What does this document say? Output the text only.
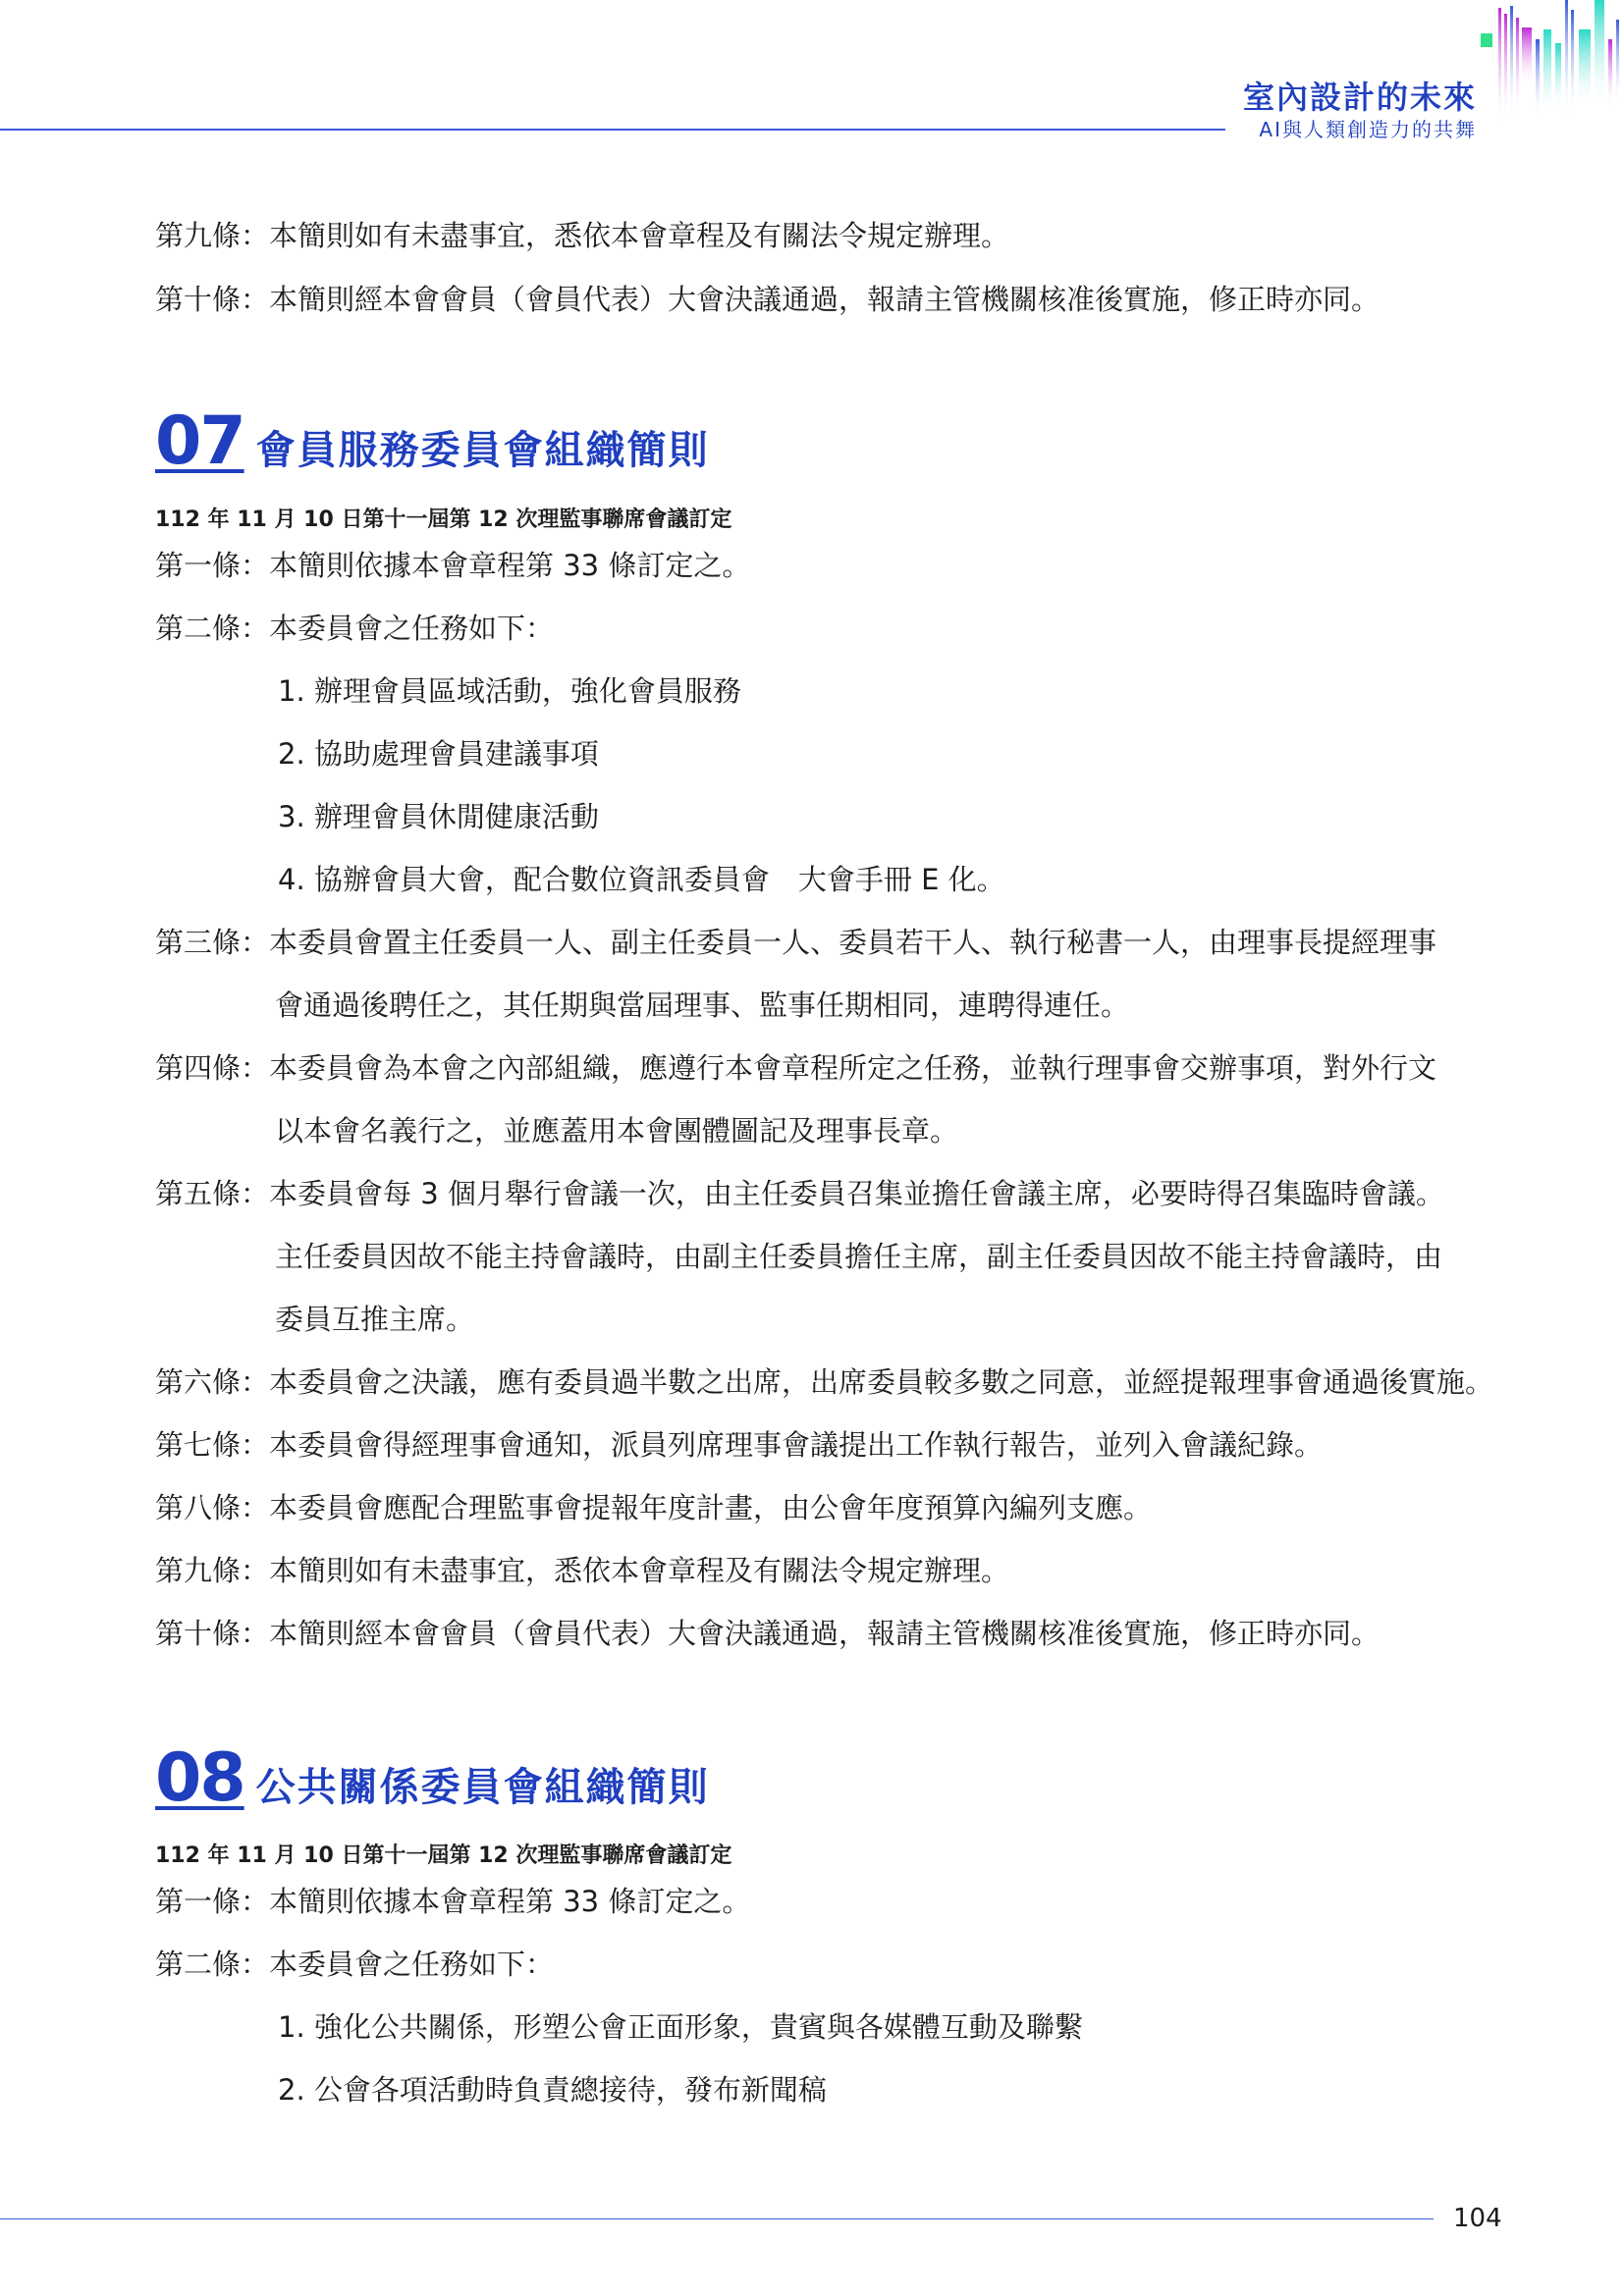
室內設計的未來
AI與人類創造力的共舞
第九條：本簡則如有未盡事宜，悉依本會章程及有關法令規定辦理。
第十條：本簡則經本會會員（會員代表）大會決議通過，報請主管機關核准後實施，修正時亦同。
07 會員服務委員會組織簡則
112 年 11 月 10 日第十一屆第 12 次理監事聯席會議訂定
第一條：本簡則依據本會章程第 33 條訂定之。
第二條：本委員會之任務如下：
1. 辦理會員區域活動，強化會員服務
2. 協助處理會員建議事項
3. 辦理會員休閒健康活動
4. 協辦會員大會，配合數位資訊委員會　大會手冊 E 化。
第三條：本委員會置主任委員一人、副主任委員一人、委員若干人、執行秘書一人，由理事長提經理事
會通過後聘任之，其任期與當屆理事、監事任期相同，連聘得連任。
第四條：本委員會為本會之內部組織，應遵行本會章程所定之任務，並執行理事會交辦事項，對外行文
以本會名義行之，並應蓋用本會團體圖記及理事長章。
第五條：本委員會每 3 個月舉行會議一次，由主任委員召集並擔任會議主席，必要時得召集臨時會議。
主任委員因故不能主持會議時，由副主任委員擔任主席，副主任委員因故不能主持會議時，由
委員互推主席。
第六條：本委員會之決議，應有委員過半數之出席，出席委員較多數之同意，並經提報理事會通過後實施。
第七條：本委員會得經理事會通知，派員列席理事會議提出工作執行報告，並列入會議紀錄。
第八條：本委員會應配合理監事會提報年度計畫，由公會年度預算內編列支應。
第九條：本簡則如有未盡事宜，悉依本會章程及有關法令規定辦理。
第十條：本簡則經本會會員（會員代表）大會決議通過，報請主管機關核准後實施，修正時亦同。
08 公共關係委員會組織簡則
112 年 11 月 10 日第十一屆第 12 次理監事聯席會議訂定
第一條：本簡則依據本會章程第 33 條訂定之。
第二條：本委員會之任務如下：
1. 強化公共關係，形塑公會正面形象，貴賓與各媒體互動及聯繫
2. 公會各項活動時負責總接待，發布新聞稿
104
